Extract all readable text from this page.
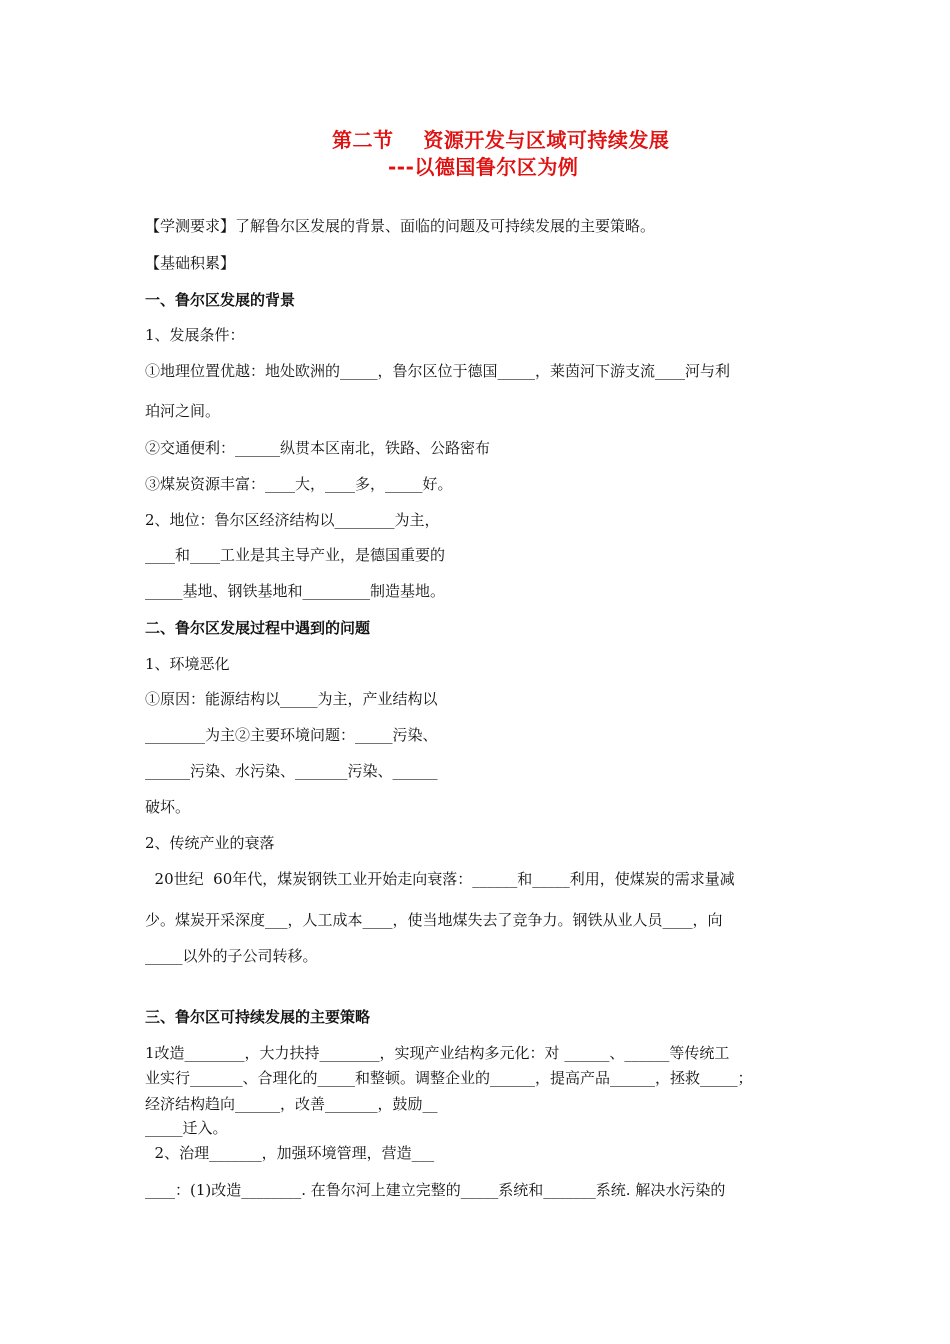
第二节    资源开发与区域可持续发展
---以德国鲁尔区为例
【学测要求】了解鲁尔区发展的背景、面临的问题及可持续发展的主要策略。
【基础积累】
一、鲁尔区发展的背景
1、发展条件：
①地理位置优越：地处欧洲的_____，鲁尔区位于德国_____，莱茵河下游支流____河与利
珀河之间。
②交通便利：______纵贯本区南北，铁路、公路密布
③煤炭资源丰富：____大，____多，_____好。
2、地位：鲁尔区经济结构以________为主，
____和____工业是其主导产业，是德国重要的
_____基地、钢铁基地和_________制造基地。
二、鲁尔区发展过程中遇到的问题
1、环境恶化
①原因：能源结构以_____为主，产业结构以
________为主②主要环境问题：_____污染、
______污染、水污染、_______污染、______
破坏。
2、传统产业的衰落
20世纪  60年代，煤炭钢铁工业开始走向衰落：______和_____利用，使煤炭的需求量减
少。煤炭开采深度___，人工成本____，使当地煤失去了竞争力。钢铁从业人员____，向
_____以外的子公司转移。
三、鲁尔区可持续发展的主要策略
1改造________，大力扶持________，实现产业结构多元化：对 ______、______等传统工
业实行_______、合理化的_____和整顿。调整企业的______，提高产品______，拯救_____；
经济结构趋向______，改善_______，鼓励__
_____迁入。
2、治理_______，加强环境管理，营造___
____：(1)改造________. 在鲁尔河上建立完整的_____系统和_______系统. 解决水污染的
